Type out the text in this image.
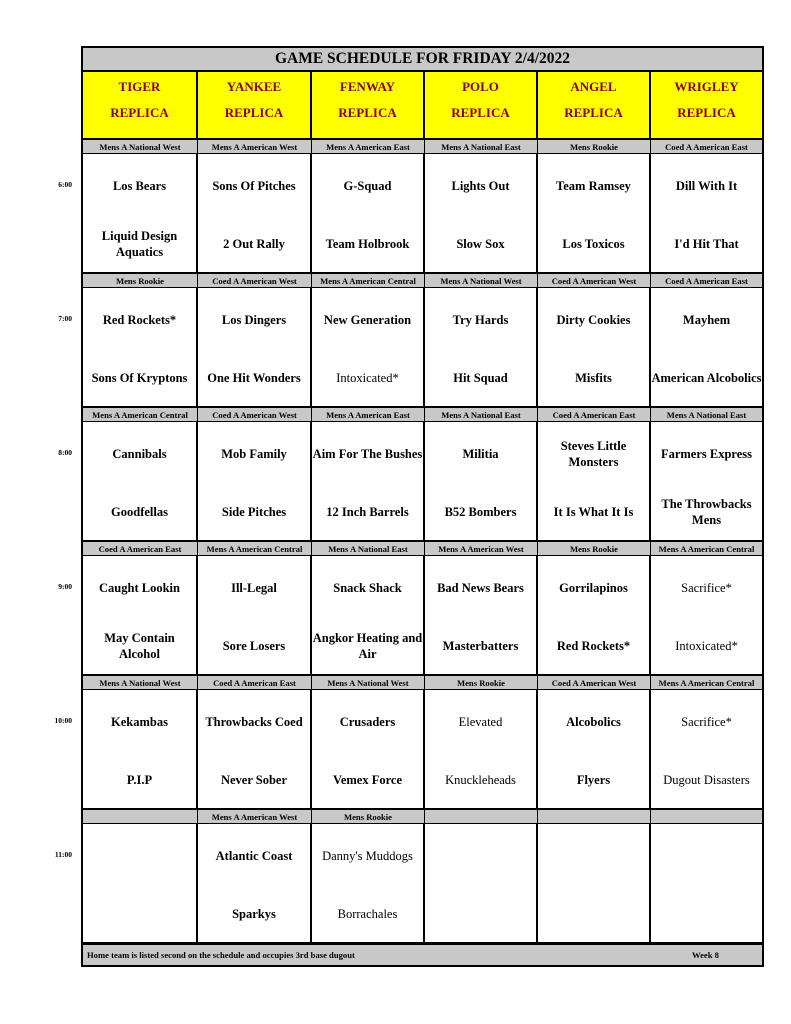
GAME SCHEDULE FOR FRIDAY 2/4/2022
TIGER
REPLICA
YANKEE
REPLICA
FENWAY
REPLICA
POLO
REPLICA
ANGEL
REPLICA
WRIGLEY
REPLICA
Mens A National West
Los Bears
Liquid Design Aquatics
Mens A American West
Sons Of Pitches
2 Out Rally
Mens A American East
G-Squad
Team Holbrook
Mens A National East
Lights Out
Slow Sox
Mens Rookie
Team Ramsey
Los Toxicos
Coed A American East
Dill With It
I'd Hit That
Mens Rookie
Red Rockets*
Sons Of Kryptons
Coed A American West
Los Dingers
One Hit Wonders
Mens A American Central
New Generation
Intoxicated*
Mens A National West
Try Hards
Hit Squad
Coed A American West
Dirty Cookies
Misfits
Coed A American East
Mayhem
American Alcobolics
Mens A American Central
Cannibals
Goodfellas
Coed A American West
Mob Family
Side Pitches
Mens A American East
Aim For The Bushes
12 Inch Barrels
Mens A National East
Militia
B52 Bombers
Coed A American East
Steves Little Monsters
It Is What It Is
Mens A National East
Farmers Express
The Throwbacks Mens
Coed A American East
Caught Lookin
May Contain Alcohol
Mens A American Central
Ill-Legal
Sore Losers
Mens A National East
Snack Shack
Angkor Heating and Air
Mens A American West
Bad News Bears
Masterbatters
Mens Rookie
Gorrilapinos
Red Rockets*
Mens A American Central
Sacrifice*
Intoxicated*
Mens A National West
Kekambas
P.I.P
Coed A American East
Throwbacks Coed
Never Sober
Mens A National West
Crusaders
Vemex Force
Mens Rookie
Elevated
Knuckleheads
Coed A American West
Alcobolics
Flyers
Mens A American Central
Sacrifice*
Dugout Disasters
Mens A American West
Atlantic Coast
Sparkys
Mens Rookie
Danny's Muddogs
Borrachales
Home team is listed second on the schedule and occupies 3rd base dugout	Week 8
6:00
7:00
8:00
9:00
10:00
11:00
